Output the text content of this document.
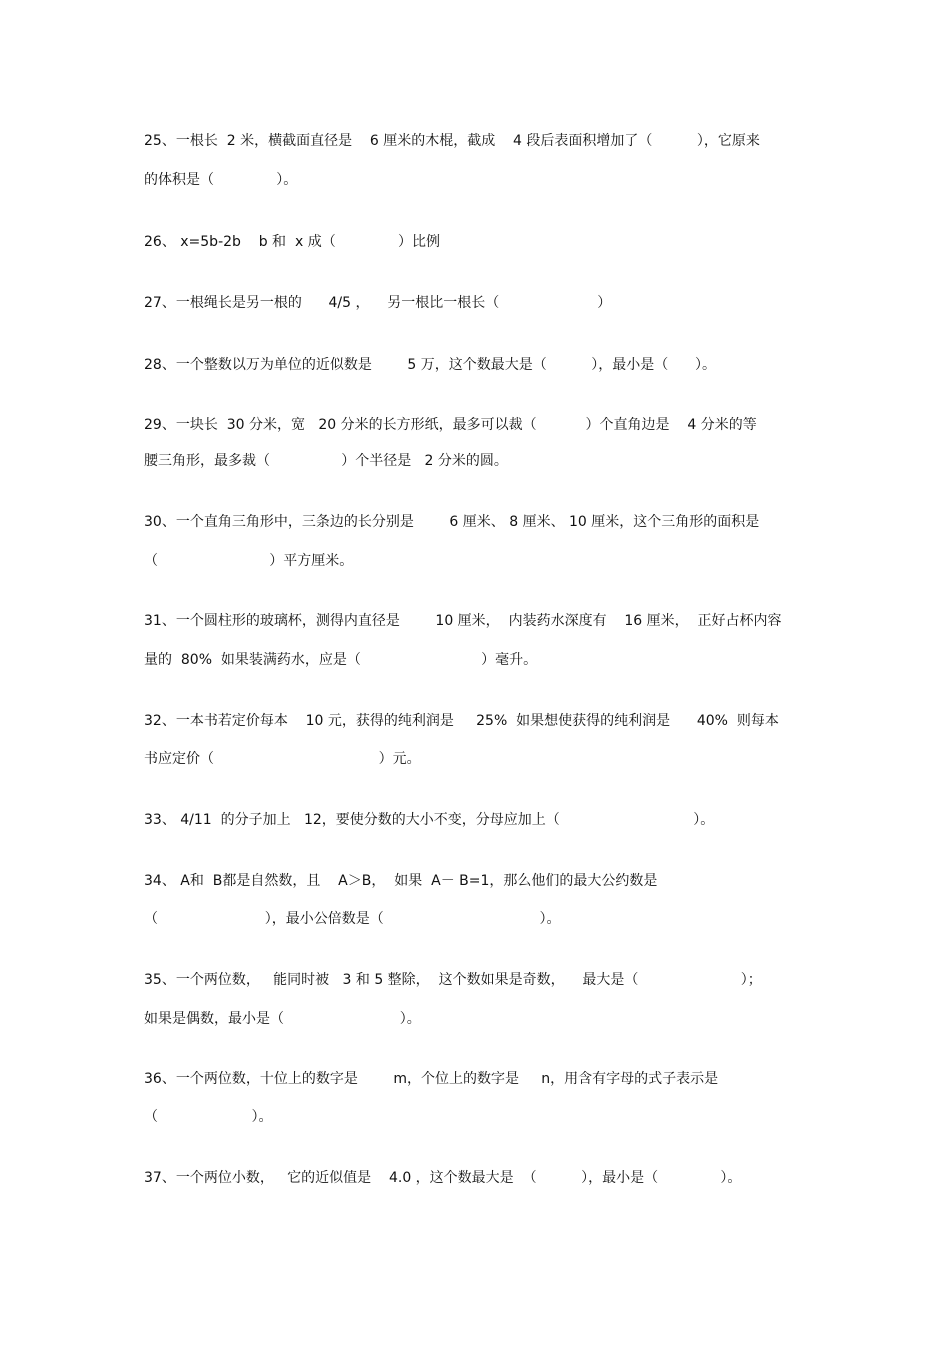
25、一根长  2 米，横截面直径是    6 厘米的木棍，截成    4 段后表面积增加了（          ），它原来
的体积是（              ）。
26、 x=5b-2b    b 和  x 成（              ）比例
27、一根绳长是另一根的      4/5 ，    另一根比一根长（                      ）
28、一个整数以万为单位的近似数是        5 万，这个数最大是（          ），最小是（      ）。
29、一块长  30 分米，宽   20 分米的长方形纸，最多可以裁（           ）个直角边是    4 分米的等
腰三角形，最多裁（                ）个半径是   2 分米的圆。
30、一个直角三角形中，三条边的长分别是        6 厘米、 8 厘米、 10 厘米，这个三角形的面积是
（                         ）平方厘米。
31、一个圆柱形的玻璃杯，测得内直径是        10 厘米，  内装药水深度有    16 厘米，  正好占杯内容
量的  80%  如果装满药水，应是（                           ）毫升。
32、一本书若定价每本    10 元，获得的纯利润是     25%  如果想使获得的纯利润是      40%  则每本
书应定价（                                     ）元。
33、 4/11  的分子加上   12，要使分数的大小不变，分母应加上（                              ）。
34、 A和  B都是自然数，且    A＞B，  如果  A－ B=1，那么他们的最大公约数是
（                        ），最小公倍数是（                                   ）。
35、一个两位数，   能同时被   3 和 5 整除，  这个数如果是奇数，    最大是（                       ）；
如果是偶数，最小是（                          ）。
36、一个两位数，十位上的数字是        m，个位上的数字是     n，用含有字母的式子表示是
（                     ）。
37、一个两位小数，   它的近似值是    4.0 ，这个数最大是  （          ），最小是（              ）。
